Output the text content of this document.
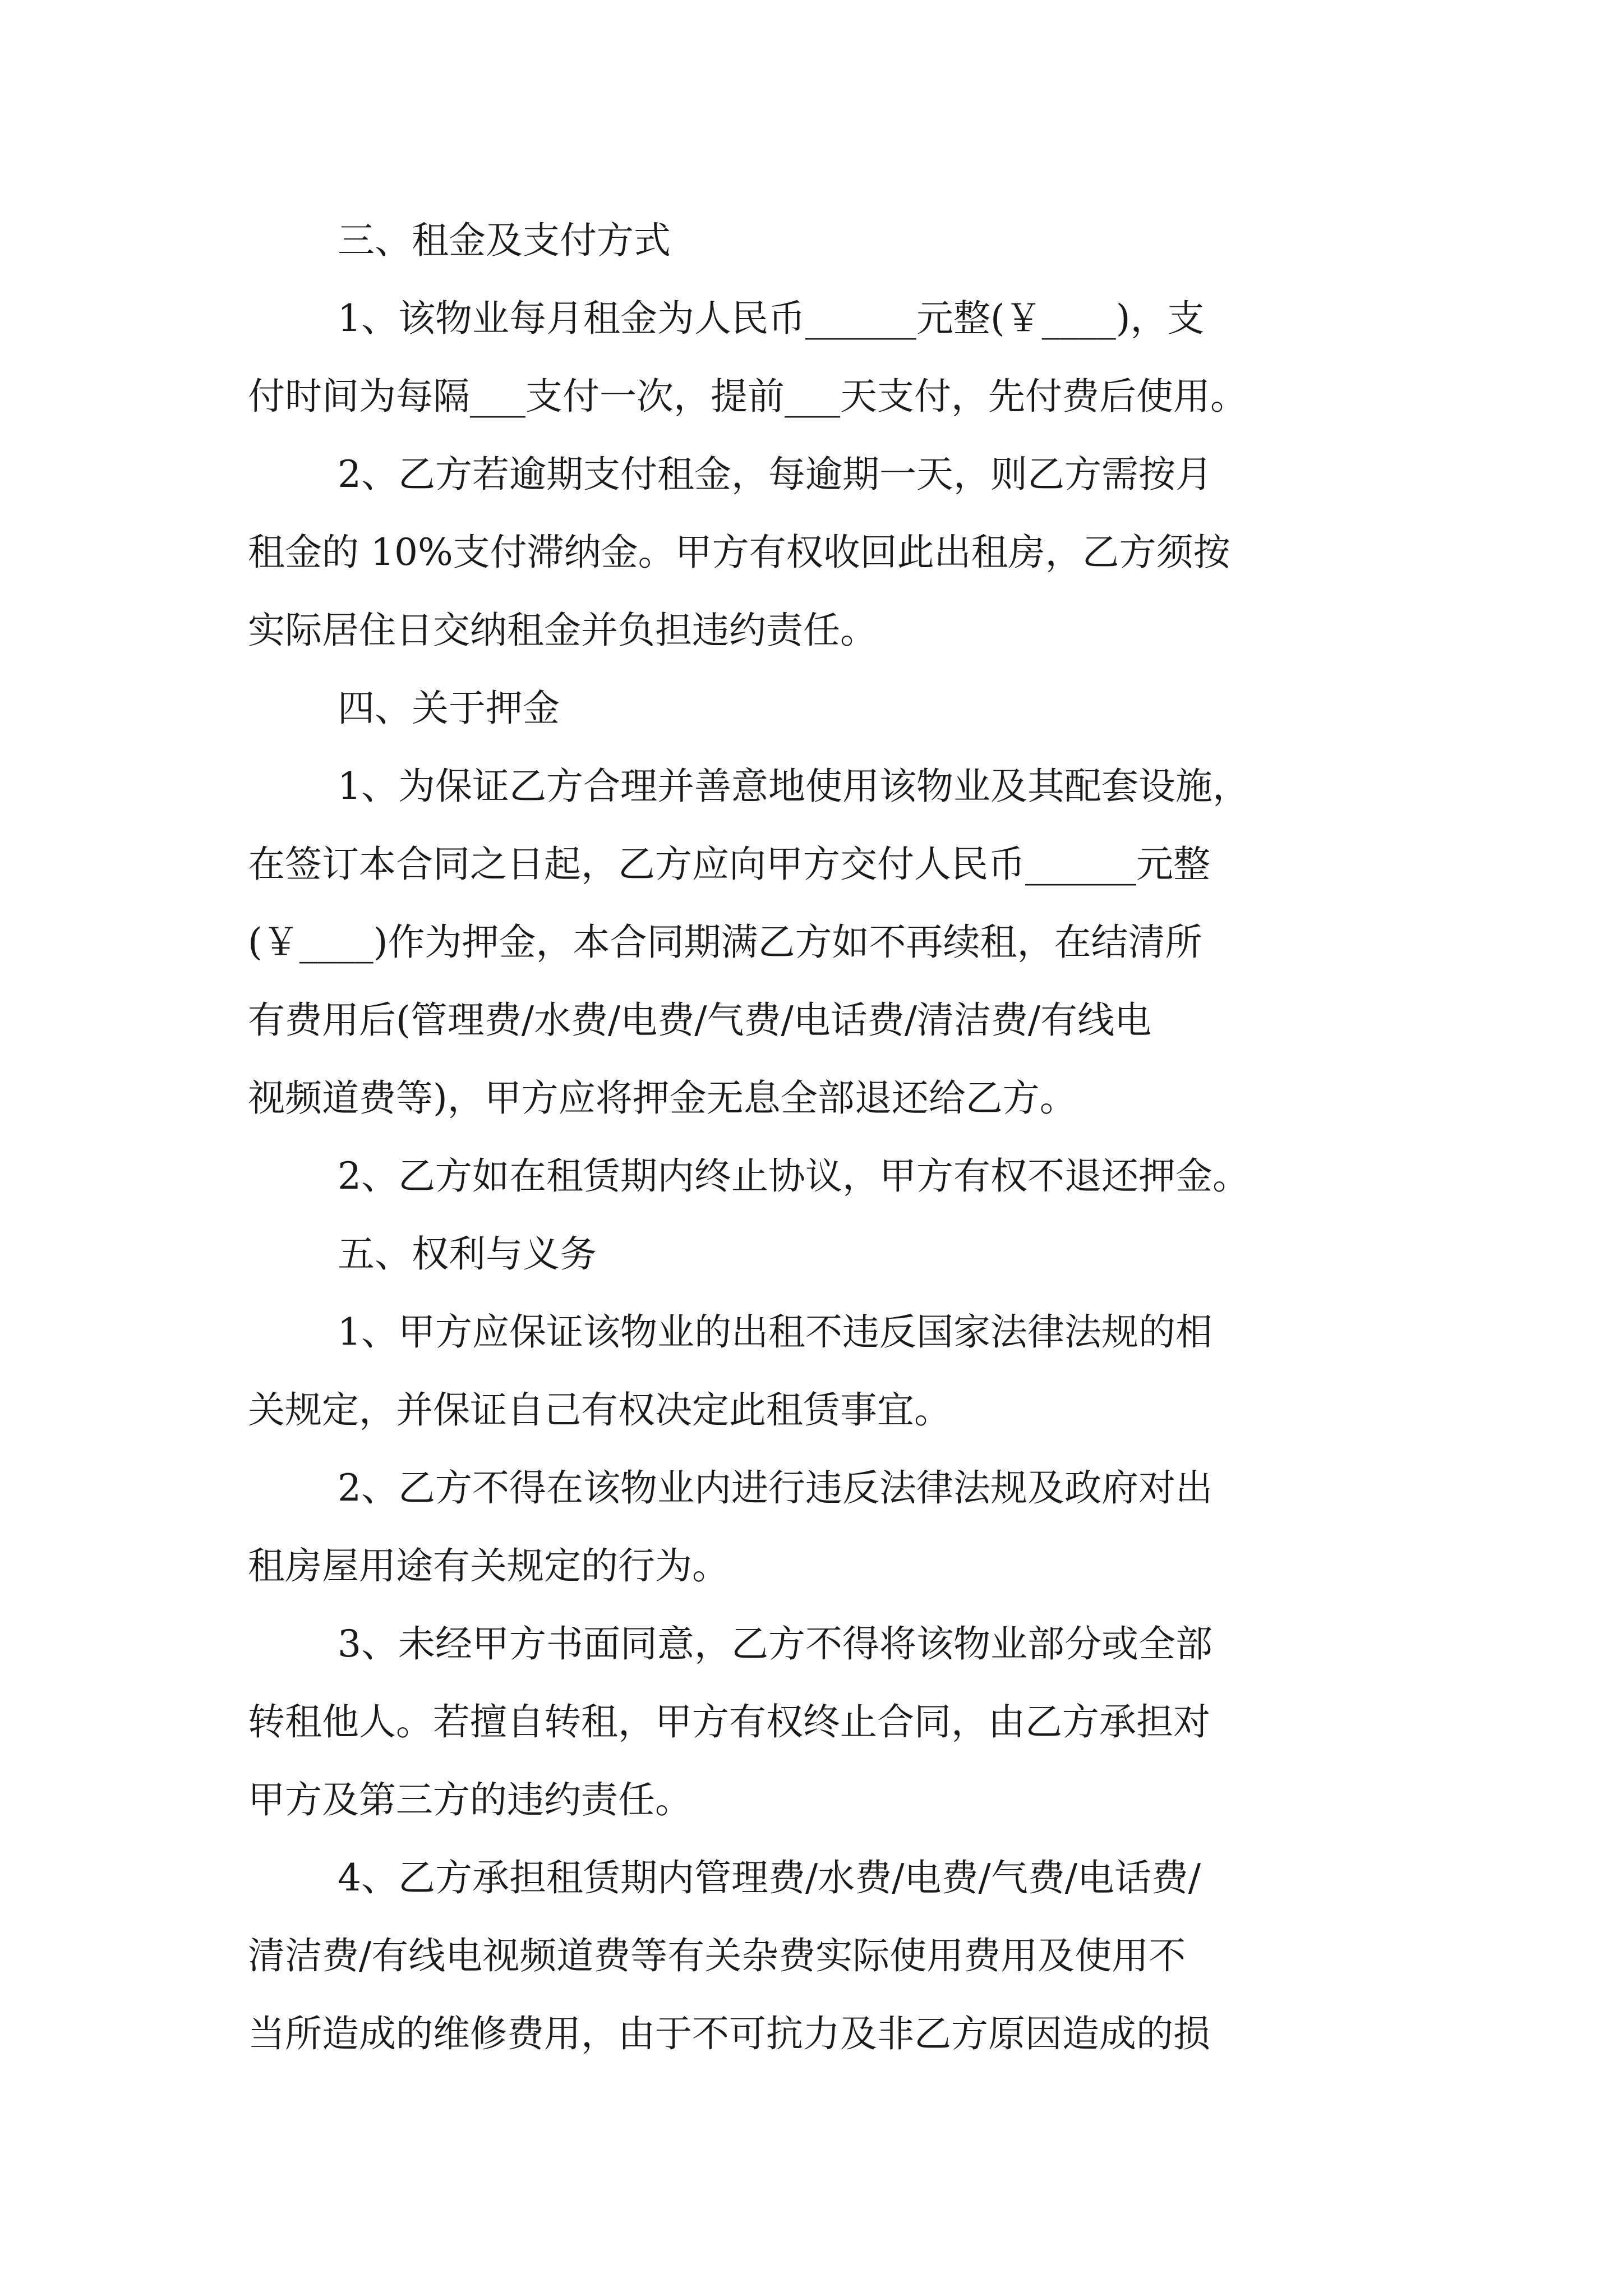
三、租金及支付方式
1、该物业每月租金为人民币______元整(￥____)，支
付时间为每隔___支付一次，提前___天支付，先付费后使用。
2、乙方若逾期支付租金，每逾期一天，则乙方需按月
租金的 10%支付滞纳金。甲方有权收回此出租房，乙方须按
实际居住日交纳租金并负担违约责任。
四、关于押金
1、为保证乙方合理并善意地使用该物业及其配套设施，
在签订本合同之日起，乙方应向甲方交付人民币______元整
(￥____)作为押金，本合同期满乙方如不再续租，在结清所
有费用后(管理费/水费/电费/气费/电话费/清洁费/有线电
视频道费等)，甲方应将押金无息全部退还给乙方。
2、乙方如在租赁期内终止协议，甲方有权不退还押金。
五、权利与义务
1、甲方应保证该物业的出租不违反国家法律法规的相
关规定，并保证自己有权决定此租赁事宜。
2、乙方不得在该物业内进行违反法律法规及政府对出
租房屋用途有关规定的行为。
3、未经甲方书面同意，乙方不得将该物业部分或全部
转租他人。若擅自转租，甲方有权终止合同，由乙方承担对
甲方及第三方的违约责任。
4、乙方承担租赁期内管理费/水费/电费/气费/电话费/
清洁费/有线电视频道费等有关杂费实际使用费用及使用不
当所造成的维修费用，由于不可抗力及非乙方原因造成的损
